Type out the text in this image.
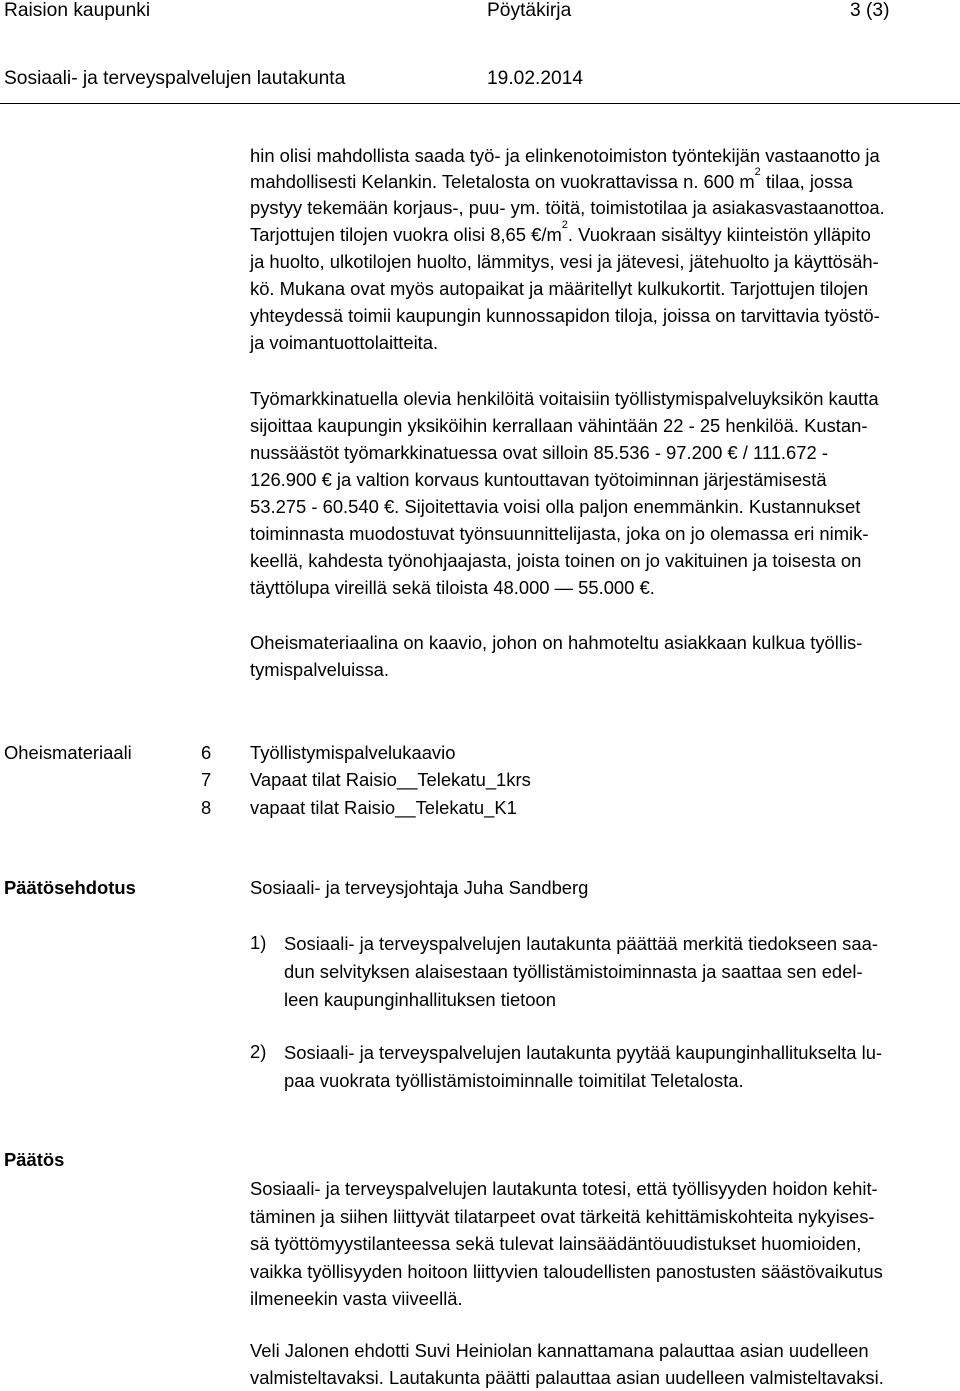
Raision kaupunki	Pöytäkirja	3 (3)
Sosiaali- ja terveyspalvelujen lautakunta	19.02.2014
hin olisi mahdollista saada työ- ja elinkenotoimiston työntekijän vastaanotto ja
mahdollisesti Kelankin. Teletalosta on vuokrattavissa n. 600 $m^2$ tilaa, jossa
pystyy tekemään korjaus-, puu- ym. töitä, toimistotilaa ja asiakasvastaanottoa.
Tarjottujen tilojen vuokra olisi 8,65 $€/m^2$. Vuokraan sisältyy kiinteistön ylläpito
ja huolto, ulkotilojen huolto, lämmitys, vesi ja jätevesi, jätehuolto ja käyttösäh-
kö. Mukana ovat myös autopaikat ja määritellyt kulkukortit. Tarjottujen tilojen
yhteydessä toimii kaupungin kunnossapidon tiloja, joissa on tarvittavia työstö-
ja voimantuottolaitteita.
Työmarkkinatuella olevia henkilöitä voitaisiin työllistymispalveluyksikön kautta
sijoittaa kaupungin yksiköihin kerrallaan vähintään 22 - 25 henkilöä. Kustan-
nussäästöt työmarkkinatuessa ovat silloin 85.536 - 97.200 € / 111.672 -
126.900 € ja valtion korvaus kuntouttavan työtoiminnan järjestämisestä
53.275 - 60.540 €. Sijoitettavia voisi olla paljon enemmänkin. Kustannukset
toiminnasta muodostuvat työnsuunnittelijasta, joka on jo olemassa eri nimik-
keellä, kahdesta työnohjaajasta, joista toinen on jo vakituinen ja toisesta on
täyttölupa vireillä sekä tiloista 48.000 — 55.000 €.
Oheismateriaalina on kaavio, johon on hahmoteltu asiakkaan kulkua työllis-
tymispalveluissa.
Oheismateriaali	6 Työllistymispalvelukaavio
7 Vapaat tilat Raisio__Telekatu_1krs
8 vapaat tilat Raisio__Telekatu_K1
Päätösehdotus	Sosiaali- ja terveysjohtaja Juha Sandberg
1) Sosiaali- ja terveyspalvelujen lautakunta päättää merkitä tiedokseen saa-
dun selvityksen alaisestaan työllistämistoiminnasta ja saattaa sen edel-
leen kaupunginhallituksen tietoon
2) Sosiaali- ja terveyspalvelujen lautakunta pyytää kaupunginhallitukselta lu-
paa vuokrata työllistämistoiminnalle toimitilat Teletalosta.
Päätös
Sosiaali- ja terveyspalvelujen lautakunta totesi, että työllisyyden hoidon kehit-
täminen ja siihen liittyvät tilatarpeet ovat tärkeitä kehittämiskohteita nykyises-
sä työttömyystilanteessa sekä tulevat lainsäädäntöuudistukset huomioiden,
vaikka työllisyyden hoitoon liittyvien taloudellisten panostusten säästövaikutus
ilmeneekin vasta viiveellä.
Veli Jalonen ehdotti Suvi Heiniolan kannattamana palauttaa asian uudelleen
valmisteltavaksi. Lautakunta päätti palauttaa asian uudelleen valmisteltavaksi.
